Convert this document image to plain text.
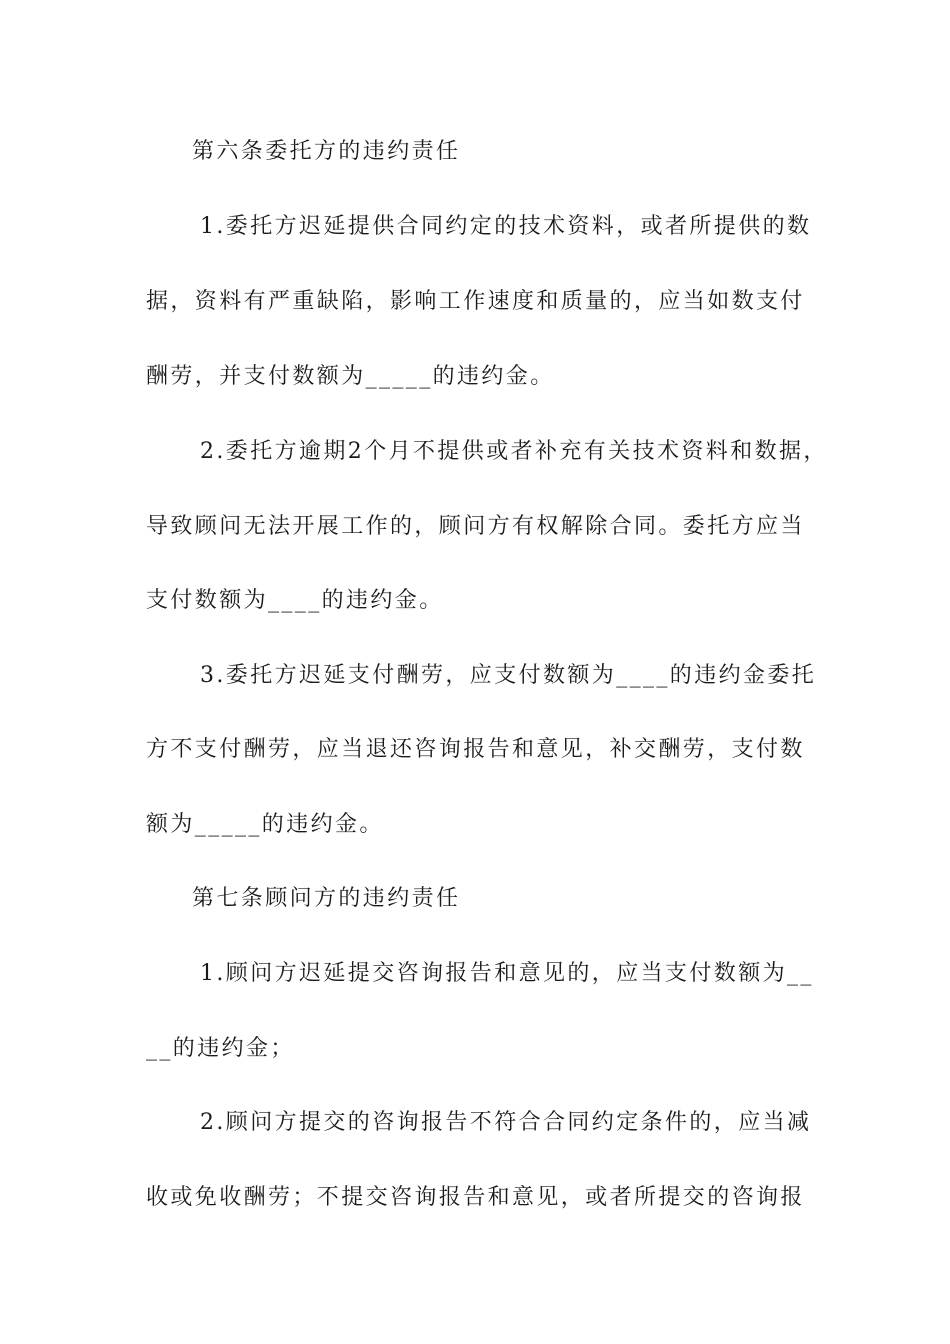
第六条委托方的违约责任
1.委托方迟延提供合同约定的技术资料，或者所提供的数
据，资料有严重缺陷，影响工作速度和质量的，应当如数支付
酬劳，并支付数额为_____的违约金。
2.委托方逾期2个月不提供或者补充有关技术资料和数据，
导致顾问无法开展工作的，顾问方有权解除合同。委托方应当
支付数额为____的违约金。
3.委托方迟延支付酬劳，应支付数额为____的违约金委托
方不支付酬劳，应当退还咨询报告和意见，补交酬劳，支付数
额为_____的违约金。
第七条顾问方的违约责任
1.顾问方迟延提交咨询报告和意见的，应当支付数额为__
__的违约金；
2.顾问方提交的咨询报告不符合合同约定条件的，应当减
收或免收酬劳；不提交咨询报告和意见，或者所提交的咨询报
